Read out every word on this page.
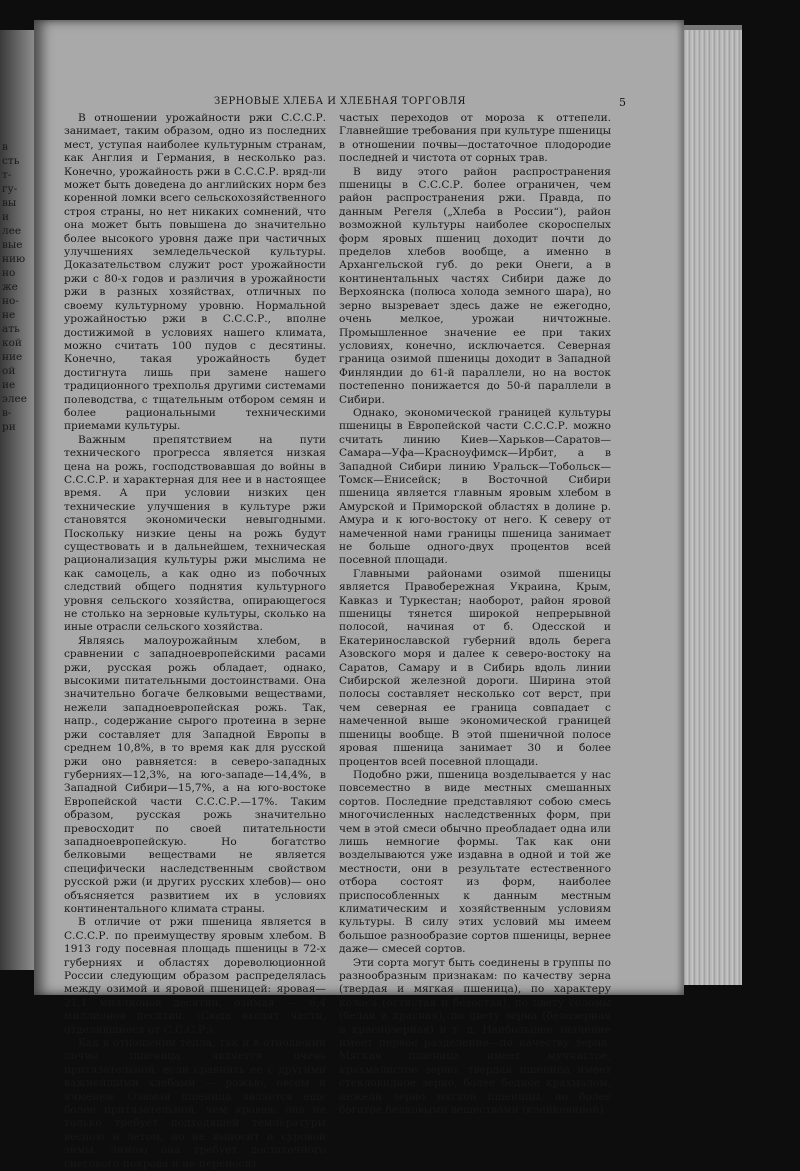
в
сть
т-
гу-
вы
и
лее
вые
нию
но
же
но-
не
ать
кой
ние
ой
ие
элее
в-
ри
ЗЕРНОВЫЕ ХЛЕБА И ХЛЕБНАЯ ТОРГОВЛЯ	5

В отношении урожайности ржи С.С.С.Р. занимает, таким образом, одно из последних мест, уступая наиболее культурным странам, как Англия и Германия, в несколько раз. Конечно, урожайность ржи в С.С.С.Р. вряд-ли может быть доведена до английских норм без коренной ломки всего сельскохозяйственного строя страны, но нет никаких сомнений, что она может быть повышена до значительно более высокого уровня даже при частичных улучшениях земледельческой культуры. Доказательством служит рост урожайности ржи с 80-х годов и различия в урожайности ржи в разных хозяйствах, отличных по своему культурному уровню. Нормальной урожайностью ржи в С.С.С.Р., вполне достижимой в условиях нашего климата, можно считать 100 пудов с десятины. Конечно, такая урожайность будет достигнута лишь при замене нашего традиционного трехполья другими системами полеводства, с тщательным отбором семян и более рациональными техническими приемами культуры.

Важным препятствием на пути технического прогресса является низкая цена на рожь, господствовавшая до войны в С.С.С.Р. и характерная для нее и в настоящее время. А при условии низких цен технические улучшения в культуре ржи становятся экономически невыгодными. Поскольку низкие цены на рожь будут существовать и в дальнейшем, техническая рационализация культуры ржи мыслима не как самоцель, а как одно из побочных следствий общего поднятия культурного уровня сельского хозяйства, опирающегося не столько на зерновые культуры, сколько на иные отрасли сельского хозяйства.

Являясь малоурожайным хлебом, в сравнении с западноевропейскими расами ржи, русская рожь обладает, однако, высокими питательными достоинствами. Она значительно богаче белковыми веществами, нежели западноевропейская рожь. Так, напр., содержание сырого протеина в зерне ржи составляет для Западной Европы в среднем 10,8%, в то время как для русской ржи оно равняется: в северо-западных губерниях—12,3%, на юго-западе—14,4%, в Западной Сибири—15,7%, а на юго-востоке Европейской части С.С.С.Р.—17%. Таким образом, русская рожь значительно превосходит по своей питательности западноевропейскую. Но богатство белковыми веществами не является специфически наследственным свойством русской ржи (и других русских хлебов)— оно объясняется развитием их в условиях континентального климата страны.

В отличие от ржи пшеница является в С.С.С.Р. по преимуществу яровым хлебом. В 1913 году посевная площадь пшеницы в 72-х губерниях и областях дореволюционной России следующим образом распределялась между озимой и яровой пшеницей: яровая—21,1 миллионов десятин, озимая — 6,4 миллионов десятин. (Сюда входят части, отделившиеся от С.С.С.Р.).

Как в отношении тепла, так и в отношении почвы пшеница является очень притязательной, если сравнить ее с другими важнейшими хлебами — рожью, овсом и ячменем. Озимая пшеница является еще более притязательной, чем яровая: она не только требует подходящей температуры весною и летом, но не выносит и суровой зимы. Зимою она требует достаточного снегового покрова и не переносит

частых переходов от мороза к оттепели. Главнейшие требования при культуре пшеницы в отношении почвы—достаточное плодородие последней и чистота от сорных трав.

В виду этого район распространения пшеницы в С.С.С.Р. более ограничен, чем район распространения ржи. Правда, по данным Регеля („Хлеба в России“), район возможной культуры наиболее скороспелых форм яровых пшениц доходит почти до пределов хлебов вообще, а именно в Архангельской губ. до реки Онеги, а в континентальных частях Сибири даже до Верхоянска (полюса холода земного шара), но зерно вызревает здесь даже не ежегодно, очень мелкое, урожаи ничтожные. Промышленное значение ее при таких условиях, конечно, исключается. Северная граница озимой пшеницы доходит в Западной Финляндии до 61-й параллели, но на восток постепенно понижается до 50-й параллели в Сибири.

Однако, экономической границей культуры пшеницы в Европейской части С.С.С.Р. можно считать линию Киев—Харьков—Саратов—Самара—Уфа—Красноуфимск—Ирбит, а в Западной Сибири линию Уральск—Тобольск—Томск—Енисейск; в Восточной Сибири пшеница является главным яровым хлебом в Амурской и Приморской областях в долине р. Амура и к юго-востоку от него. К северу от намеченной нами границы пшеница занимает не больше одного-двух процентов всей посевной площади.

Главными районами озимой пшеницы является Правобережная Украина, Крым, Кавказ и Туркестан; наоборот, район яровой пшеницы тянется широкой непрерывной полосой, начиная от б. Одесской и Екатеринославской губерний вдоль берега Азовского моря и далее к северо-востоку на Саратов, Самару и в Сибирь вдоль линии Сибирской железной дороги. Ширина этой полосы составляет несколько сот верст, при чем северная ее граница совпадает с намеченной выше экономической границей пшеницы вообще. В этой пшеничной полосе яровая пшеница занимает 30 и более процентов всей посевной площади.

Подобно ржи, пшеница возделывается у нас повсеместно в виде местных смешанных сортов. Последние представляют собою смесь многочисленных наследственных форм, при чем в этой смеси обычно преобладает одна или лишь немногие формы. Так как они возделываются уже издавна в одной и той же местности, они в результате естественного отбора состоят из форм, наиболее приспособленных к данным местным климатическим и хозяйственным условиям культуры. В силу этих условий мы имеем большое разнообразие сортов пшеницы, вернее даже— смесей сортов.

Эти сорта могут быть соединены в группы по разнообразным признакам: по качеству зерна (твердая и мягкая пшеница), по характеру колоса (остистая и безостая), по цвету соломы (белая и красная), по цвету зерна (белозерная и краснозерная) и т. д. Наибольшее значение имеет первое разделение—по качеству зерна. Мягкая пшеница имеет мучнистое, крахмалистое зерно, твердая пшеница имеет стекловидное зерно, более бедное крахмалом, нежели зерно мягкой пшеницы, но более богатое белковыми веществами (клейковиной).
